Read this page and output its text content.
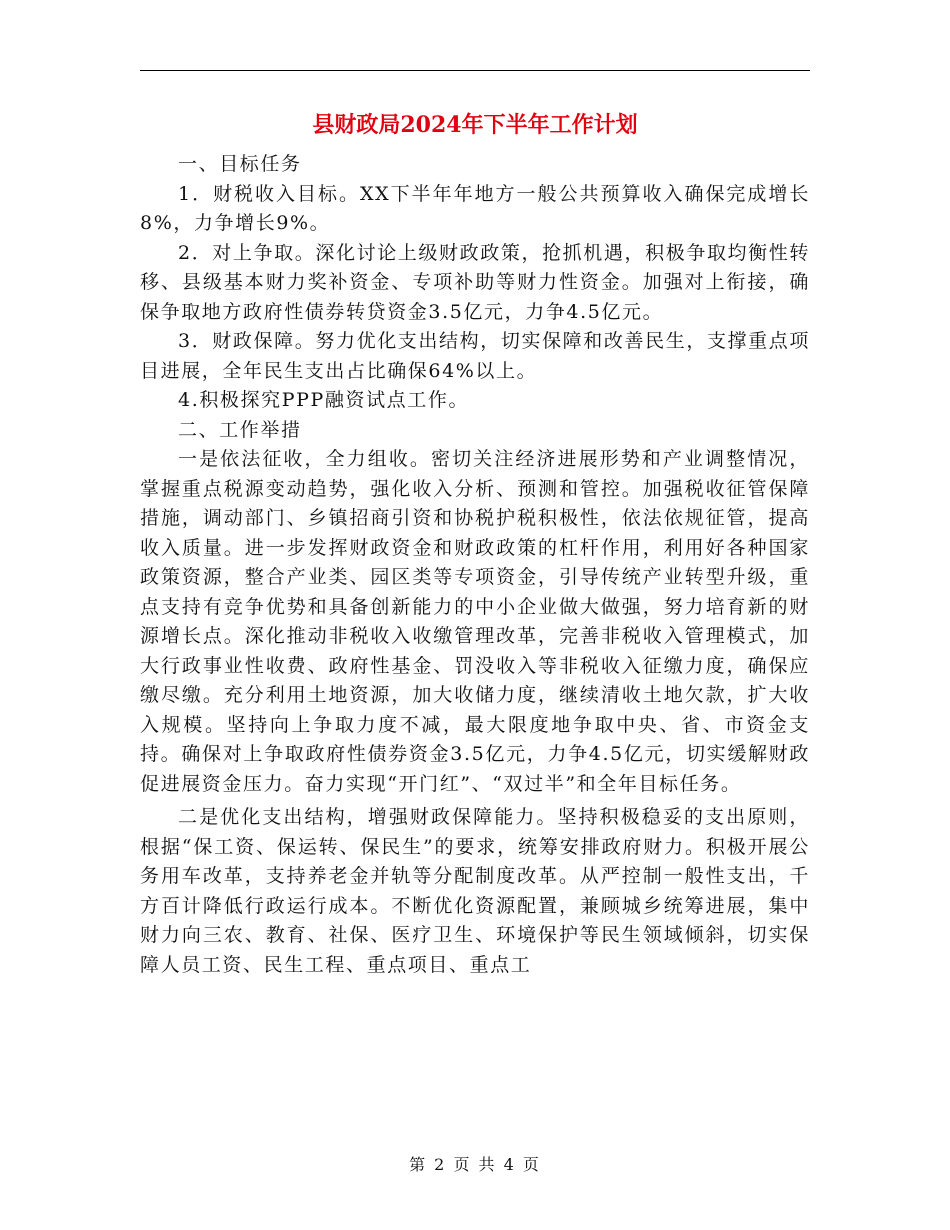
县财政局2024年下半年工作计划

一、目标任务

1．财税收入目标。XX下半年年地方一般公共预算收入确保完成增长8%，力争增长9%。

2．对上争取。深化讨论上级财政政策，抢抓机遇，积极争取均衡性转移、县级基本财力奖补资金、专项补助等财力性资金。加强对上衔接，确保争取地方政府性债券转贷资金3.5亿元，力争4.5亿元。

3．财政保障。努力优化支出结构，切实保障和改善民生，支撑重点项目进展，全年民生支出占比确保64%以上。

4.积极探究PPP融资试点工作。

二、工作举措

一是依法征收，全力组收。密切关注经济进展形势和产业调整情况，掌握重点税源变动趋势，强化收入分析、预测和管控。加强税收征管保障措施，调动部门、乡镇招商引资和协税护税积极性，依法依规征管，提高收入质量。进一步发挥财政资金和财政政策的杠杆作用，利用好各种国家政策资源，整合产业类、园区类等专项资金，引导传统产业转型升级，重点支持有竞争优势和具备创新能力的中小企业做大做强，努力培育新的财源增长点。深化推动非税收入收缴管理改革，完善非税收入管理模式，加大行政事业性收费、政府性基金、罚没收入等非税收入征缴力度，确保应缴尽缴。充分利用土地资源，加大收储力度，继续清收土地欠款，扩大收入规模。坚持向上争取力度不减，最大限度地争取中央、省、市资金支持。确保对上争取政府性债券资金3.5亿元，力争4.5亿元，切实缓解财政促进展资金压力。奋力实现“开门红”、“双过半”和全年目标任务。

二是优化支出结构，增强财政保障能力。坚持积极稳妥的支出原则，根据“保工资、保运转、保民生”的要求，统筹安排政府财力。积极开展公务用车改革，支持养老金并轨等分配制度改革。从严控制一般性支出，千方百计降低行政运行成本。不断优化资源配置，兼顾城乡统筹进展，集中财力向三农、教育、社保、医疗卫生、环境保护等民生领域倾斜，切实保障人员工资、民生工程、重点项目、重点工

第 2 页 共 4 页
